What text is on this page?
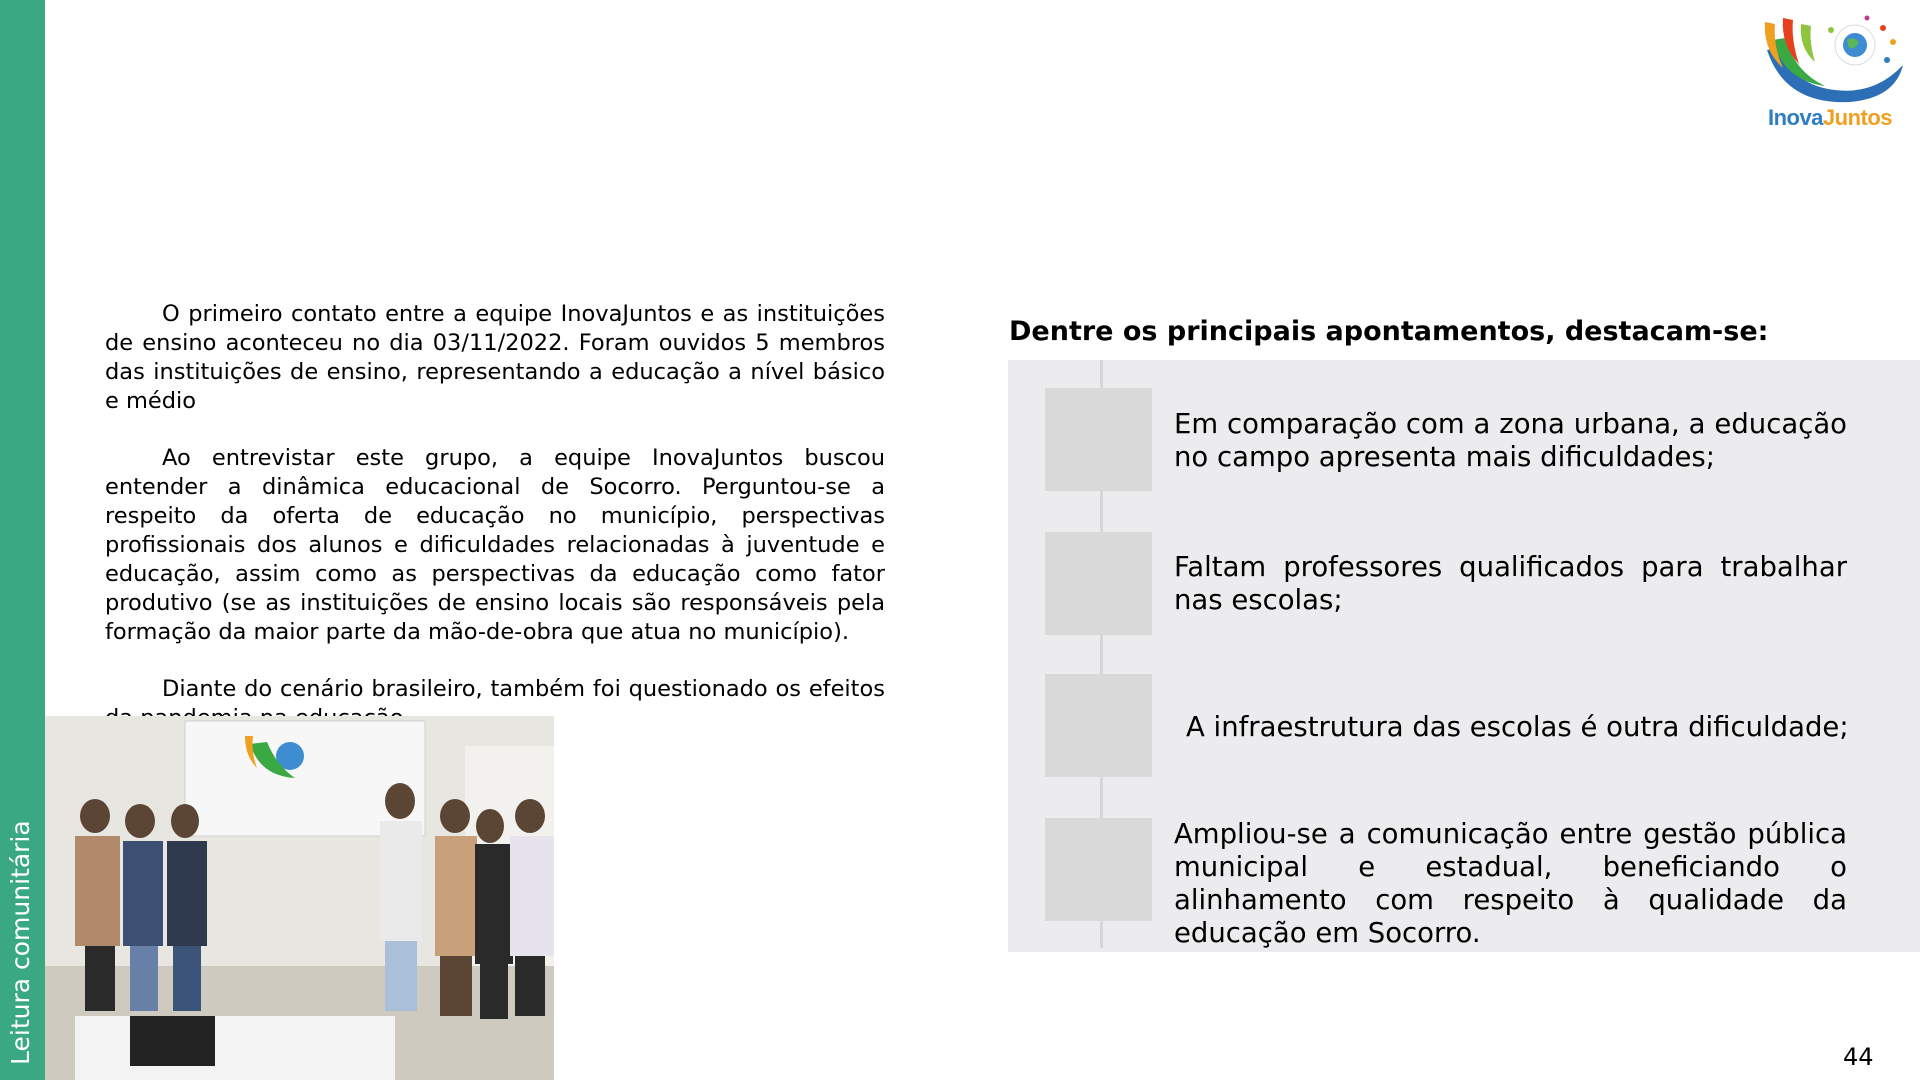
Leitura comunitária
InovaJuntos

O primeiro contato entre a equipe InovaJuntos e as instituições de ensino aconteceu no dia 03/11/2022. Foram ouvidos 5 membros das instituições de ensino, representando a educação a nível básico e médio

Ao entrevistar este grupo, a equipe InovaJuntos buscou entender a dinâmica educacional de Socorro. Perguntou-se a respeito da oferta de educação no município, perspectivas profissionais dos alunos e dificuldades relacionadas à juventude e educação, assim como as perspectivas da educação como fator produtivo (se as instituições de ensino locais são responsáveis pela formação da maior parte da mão-de-obra que atua no município).

Diante do cenário brasileiro, também foi questionado os efeitos

Dentre os principais apontamentos, destacam-se:
Em comparação com a zona urbana, a educação no campo apresenta mais dificuldades;
Faltam professores qualificados para trabalhar nas escolas;
A infraestrutura das escolas é outra dificuldade;
Ampliou-se a comunicação entre gestão pública municipal e estadual, beneficiando o alinhamento com respeito à qualidade da educação em Socorro.
44
